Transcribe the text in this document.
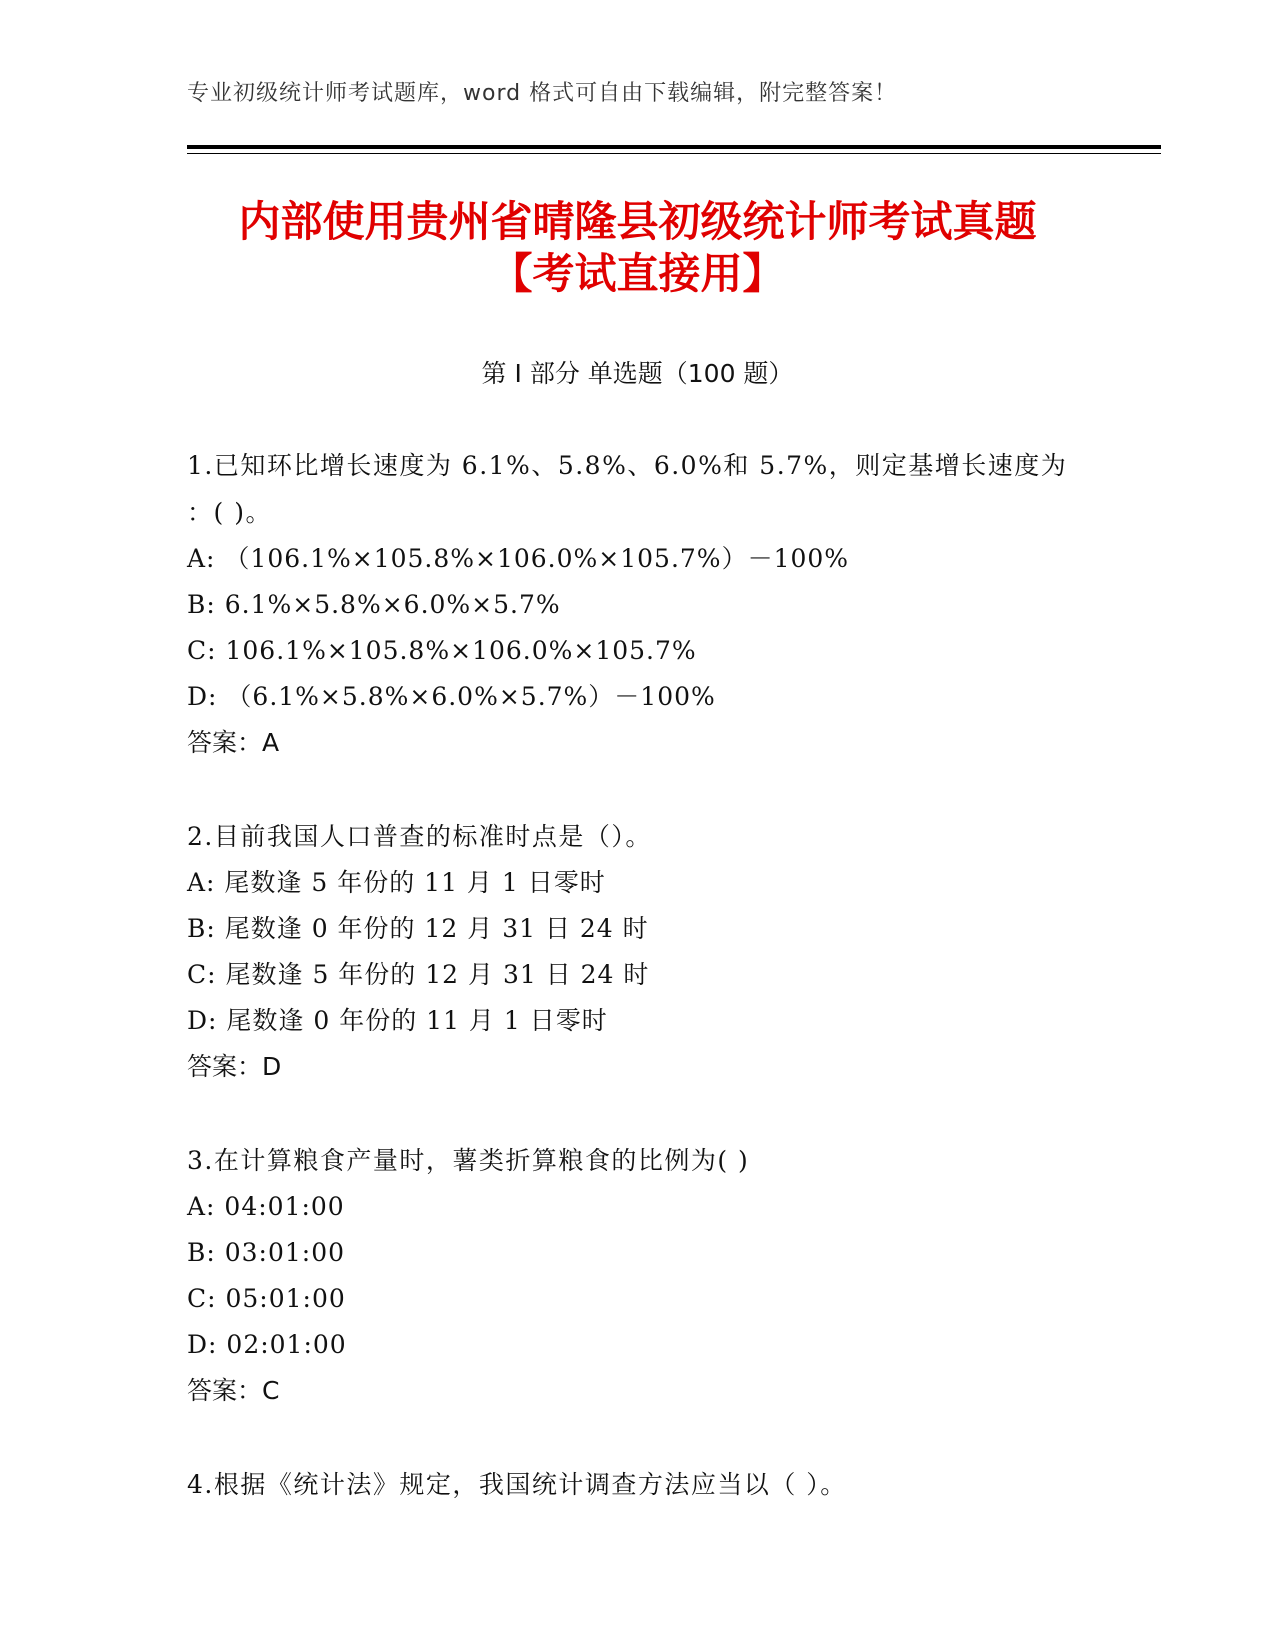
专业初级统计师考试题库，word 格式可自由下载编辑，附完整答案！
内部使用贵州省晴隆县初级统计师考试真题
【考试直接用】
第 I 部分 单选题（100 题）
1.已知环比增长速度为 6.1%、5.8%、6.0%和 5.7%，则定基增长速度为
：( )。
A: （106.1%×105.8%×106.0%×105.7%）－100%
B: 6.1%×5.8%×6.0%×5.7%
C: 106.1%×105.8%×106.0%×105.7%
D: （6.1%×5.8%×6.0%×5.7%）－100%
答案：A
2.目前我国人口普查的标准时点是（）。
A: 尾数逢 5 年份的 11 月 1 日零时
B: 尾数逢 0 年份的 12 月 31 日 24 时
C: 尾数逢 5 年份的 12 月 31 日 24 时
D: 尾数逢 0 年份的 11 月 1 日零时
答案：D
3.在计算粮食产量时，薯类折算粮食的比例为( )
A: 04:01:00
B: 03:01:00
C: 05:01:00
D: 02:01:00
答案：C
4.根据《统计法》规定，我国统计调查方法应当以（ ）。
